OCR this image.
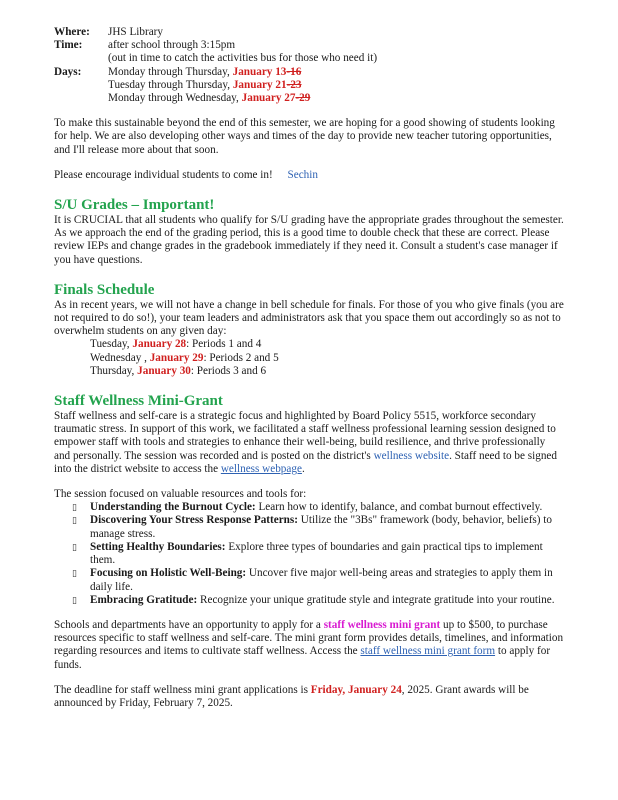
Where:	JHS Library
Time:	after school through 3:15pm
(out in time to catch the activities bus for those who need it)
Days:	Monday through Thursday, January 13-16
Tuesday through Thursday, January 21-23
Monday through Wednesday, January 27-29

To make this sustainable beyond the end of this semester, we are hoping for a good showing of students looking for help. We are also developing other ways and times of the day to provide new teacher tutoring opportunities, and I'll release more about that soon.

Please encourage individual students to come in! Sechin

S/U Grades – Important!

It is CRUCIAL that all students who qualify for S/U grading have the appropriate grades throughout the semester. As we approach the end of the grading period, this is a good time to double check that these are correct. Please review IEPs and change grades in the gradebook immediately if they need it. Consult a student's case manager if you have questions.

Finals Schedule

As in recent years, we will not have a change in bell schedule for finals. For those of you who give finals (you are not required to do so!), your team leaders and administrators ask that you space them out accordingly so as not to overwhelm students on any given day:

Tuesday, January 28: Periods 1 and 4
Wednesday , January 29: Periods 2 and 5
Thursday, January 30: Periods 3 and 6
Staff Wellness Mini-Grant

Staff wellness and self-care is a strategic focus and highlighted by Board Policy 5515, workforce secondary traumatic stress. In support of this work, we facilitated a staff wellness professional learning session designed to empower staff with tools and strategies to enhance their well-being, build resilience, and thrive professionally and personally. The session was recorded and is posted on the district's wellness website. Staff need to be signed into the district website to access the wellness webpage.

The session focused on valuable resources and tools for:

▯ Understanding the Burnout Cycle: Learn how to identify, balance, and combat burnout effectively.
▯ Discovering Your Stress Response Patterns: Utilize the "3Bs" framework (body, behavior, beliefs) to manage stress.
▯ Setting Healthy Boundaries: Explore three types of boundaries and gain practical tips to implement them.
▯ Focusing on Holistic Well-Being: Uncover five major well-being areas and strategies to apply them in daily life.
▯ Embracing Gratitude: Recognize your unique gratitude style and integrate gratitude into your routine.

Schools and departments have an opportunity to apply for a staff wellness mini grant up to $500, to purchase resources specific to staff wellness and self-care. The mini grant form provides details, timelines, and information regarding resources and items to cultivate staff wellness. Access the staff wellness mini grant form to apply for funds.

The deadline for staff wellness mini grant applications is Friday, January 24, 2025. Grant awards will be announced by Friday, February 7, 2025.
